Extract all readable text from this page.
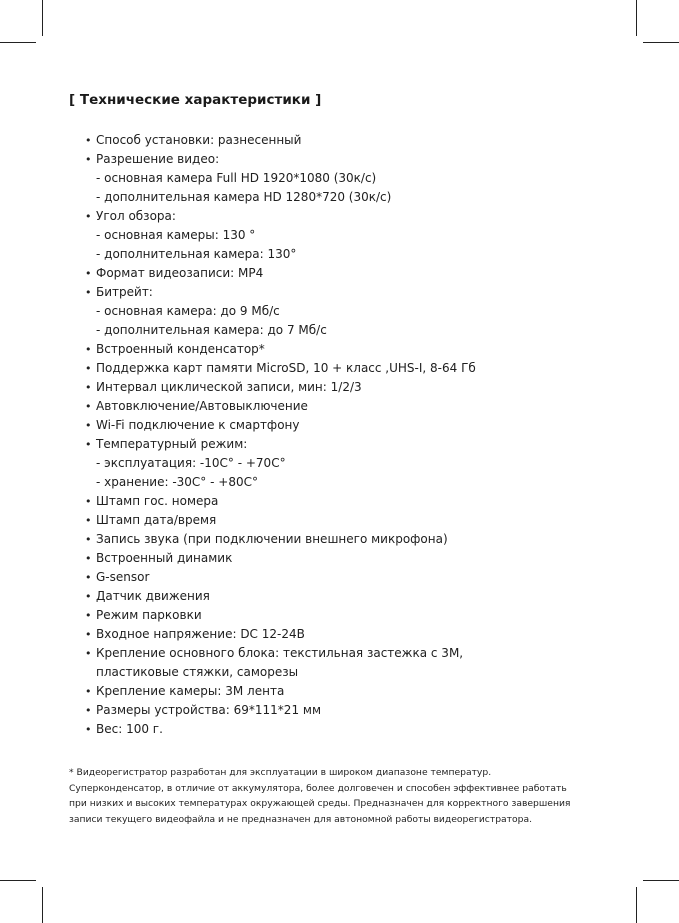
[ Технические характеристики ]
• Способ установки: разнесенный
• Разрешение видео:
- основная камера Full HD 1920*1080 (30к/с)
- дополнительная камера HD 1280*720 (30к/с)
• Угол обзора:
- основная камеры: 130 °
- дополнительная камера: 130°
• Формат видеозаписи: MP4
• Битрейт:
- основная камера: до 9 Мб/с
- дополнительная камера: до 7 Мб/с
• Встроенный конденсатор*
• Поддержка карт памяти MicroSD, 10 + класс ,UHS-I, 8-64 Гб
• Интервал циклической записи, мин: 1/2/3
• Автовключение/Автовыключение
• Wi-Fi подключение к смартфону
• Температурный режим:
- эксплуатация: -10С° - +70С°
- хранение: -30С° - +80С°
• Штамп гос. номера
• Штамп дата/время
• Запись звука (при подключении внешнего микрофона)
• Встроенный динамик
• G-sensor
• Датчик движения
• Режим парковки
• Входное напряжение: DC 12-24В
• Крепление основного блока: текстильная застежка с 3М,
пластиковые стяжки, саморезы
• Крепление камеры: 3М лента
• Размеры устройства: 69*111*21 мм
• Вес: 100 г.
* Видеорегистратор разработан для эксплуатации в широком диапазоне температур.
Суперконденсатор, в отличие от аккумулятора, более долговечен и способен эффективнее работать
при низких и высоких температурах окружающей среды. Предназначен для корректного завершения
записи текущего видеофайла и не предназначен для автономной работы видеорегистратора.
